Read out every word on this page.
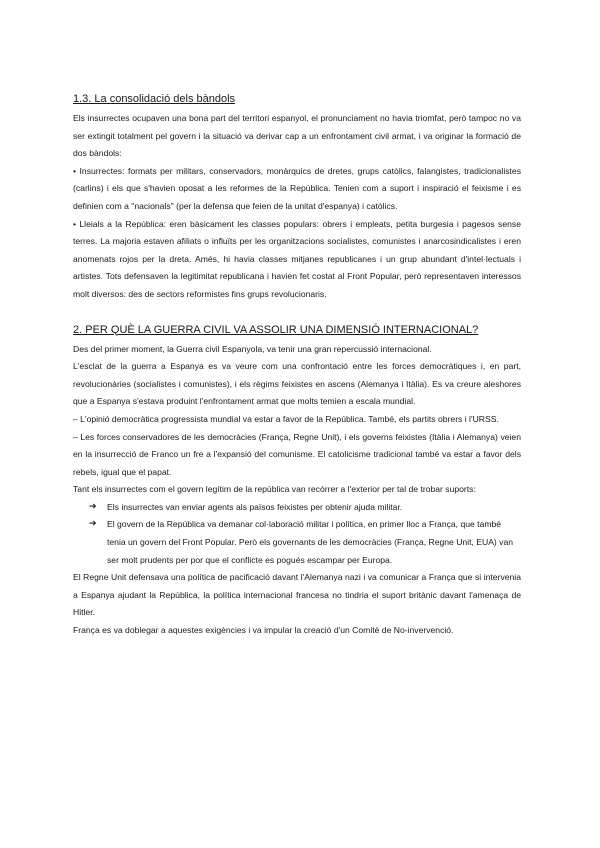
1.3. La consolidació dels bàndols

Els insurrectes ocupaven una bona part del territori espanyol, el pronunciament no havia triomfat, però tampoc no va ser extingit totalment pel govern i la situació va derivar cap a un enfrontament civil armat, i va originar la formació de dos bàndols:

• Insurrectes: formats per militars, conservadors, monàrquics de dretes, grups catòlics, falangistes, tradicionalistes (carlins) i els que s'havien oposat a les reformes de la República. Tenien com a suport i inspiració el feixisme i es definien com a "nacionals" (per la defensa que feien de la unitat d'espanya) i catòlics.

• Lleials a la República: eren bàsicament les classes populars: obrers i empleats, petita burgesia i pagesos sense terres. La majoria estaven afiliats o influïts per les organitzacions socialistes, comunistes i anarcosindicalistes i eren anomenats rojos per la dreta. Amés, hi havia classes mitjanes republicanes i un grup abundant d'intel·lectuals i artistes. Tots defensaven la legitimitat republicana i havien fet costat al Front Popular, però representaven interessos molt diversos: des de sectors reformistes fins grups revolucionaris.

2. PER QUÈ LA GUERRA CIVIL VA ASSOLIR UNA DIMENSIÓ INTERNACIONAL?

Des del primer moment, la Guerra civil Espanyola, va tenir una gran repercussió internacional.

L'esclat de la guerra a Espanya es va veure com una confrontació entre les forces democràtiques i, en part, revolucionàries (socialistes i comunistes), i els règims feixistes en ascens (Alemanya i Itàlia). Es va creure aleshores que a Espanya s'estava produint l'enfrontament armat que molts temien a escala mundial.

– L'opinió democràtica progressista mundial va estar a favor de la República. També, els partits obrers i l'URSS.

– Les forces conservadores de les democràcies (França, Regne Unit), i els governs feixistes (Itàlia i Alemanya) veien en la insurrecció de Franco un fre a l'expansió del comunisme. El catolicisme tradicional també va estar a favor dels rebels, igual que el papat.

Tant els insurrectes com el govern legítim de la república van recórrer a l'exterior per tal de trobar suports:

➔ Els insurrectes van enviar agents als països feixistes per obtenir ajuda militar.
➔ El govern de la República va demanar col·laboració militar i política, en primer lloc a França, que també tenia un govern del Front Popular. Però els governants de les democràcies (França, Regne Unit, EUA) van ser molt prudents per por que el conflicte es pogués escampar per Europa.

El Regne Unit defensava una política de pacificació davant l'Alemanya nazi i va comunicar a França que si intervenia a Espanya ajudant la República, la política internacional francesa no tindria el suport britànic davant l'amenaça de Hitler.

França es va doblegar a aquestes exigències i va impular la creació d'un Comitè de No-invervenció.
